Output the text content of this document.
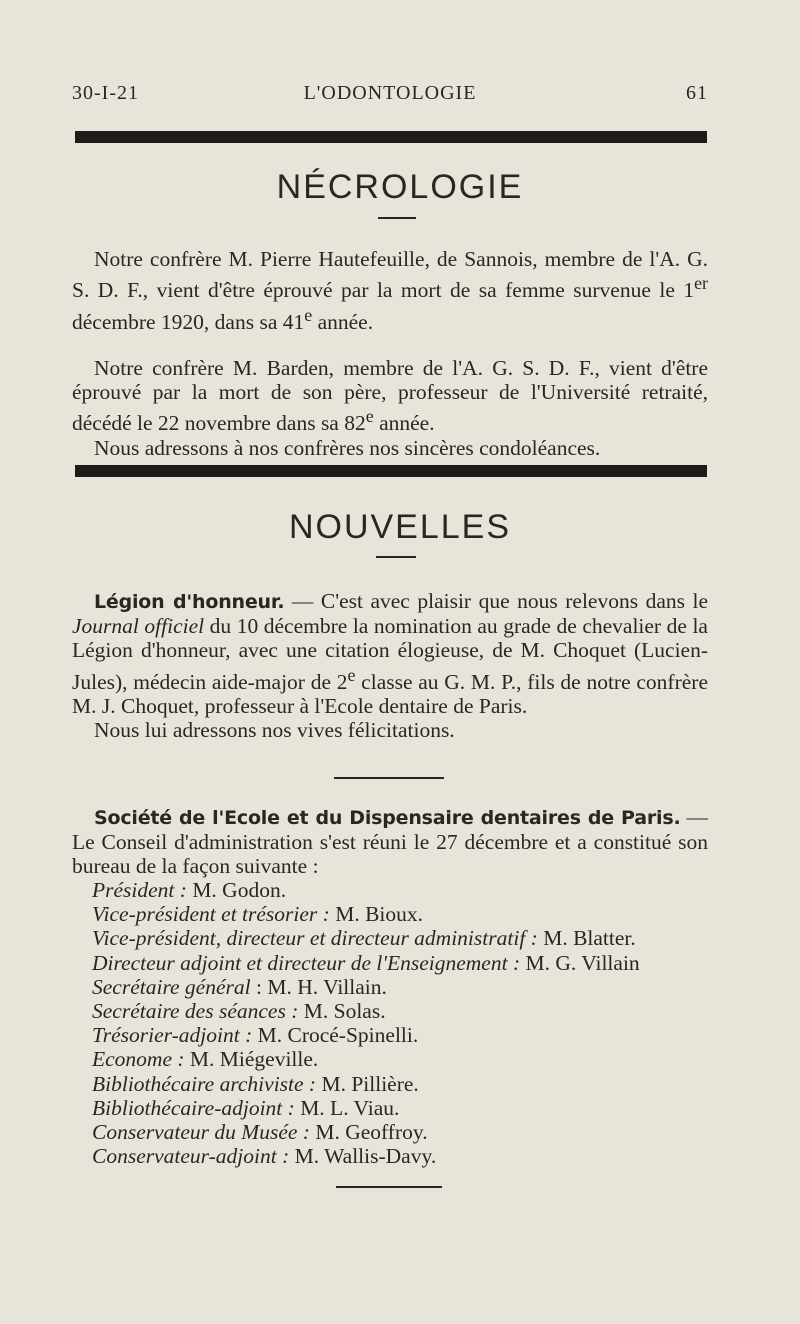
L'ODONTOLOGIE
30-I-21	61
NÉCROLOGIE

Notre confrère M. Pierre Hautefeuille, de Sannois, membre de l'A. G. S. D. F., vient d'être éprouvé par la mort de sa femme survenue le 1er décembre 1920, dans sa 41e année.

Notre confrère M. Barden, membre de l'A. G. S. D. F., vient d'être éprouvé par la mort de son père, professeur de l'Université retraité, décédé le 22 novembre dans sa 82e année.

Nous adressons à nos confrères nos sincères condoléances.

NOUVELLES

Légion d'honneur. — C'est avec plaisir que nous relevons dans le Journal officiel du 10 décembre la nomination au grade de chevalier de la Légion d'honneur, avec une citation élogieuse, de M. Choquet (Lucien-Jules), médecin aide-major de 2e classe au G. M. P., fils de notre confrère M. J. Choquet, professeur à l'Ecole dentaire de Paris.

Nous lui adressons nos vives félicitations.

Société de l'Ecole et du Dispensaire dentaires de Paris. — Le Conseil d'administration s'est réuni le 27 décembre et a constitué son bureau de la façon suivante :

Président : M. Godon.
Vice-président et trésorier : M. Bioux.
Vice-président, directeur et directeur administratif : M. Blatter.
Directeur adjoint et directeur de l'Enseignement : M. G. Villain
Secrétaire général : M. H. Villain.
Secrétaire des séances : M. Solas.
Trésorier-adjoint : M. Crocé-Spinelli.
Econome : M. Miégeville.
Bibliothécaire archiviste : M. Pillière.
Bibliothécaire-adjoint : M. L. Viau.
Conservateur du Musée : M. Geoffroy.
Conservateur-adjoint : M. Wallis-Davy.
